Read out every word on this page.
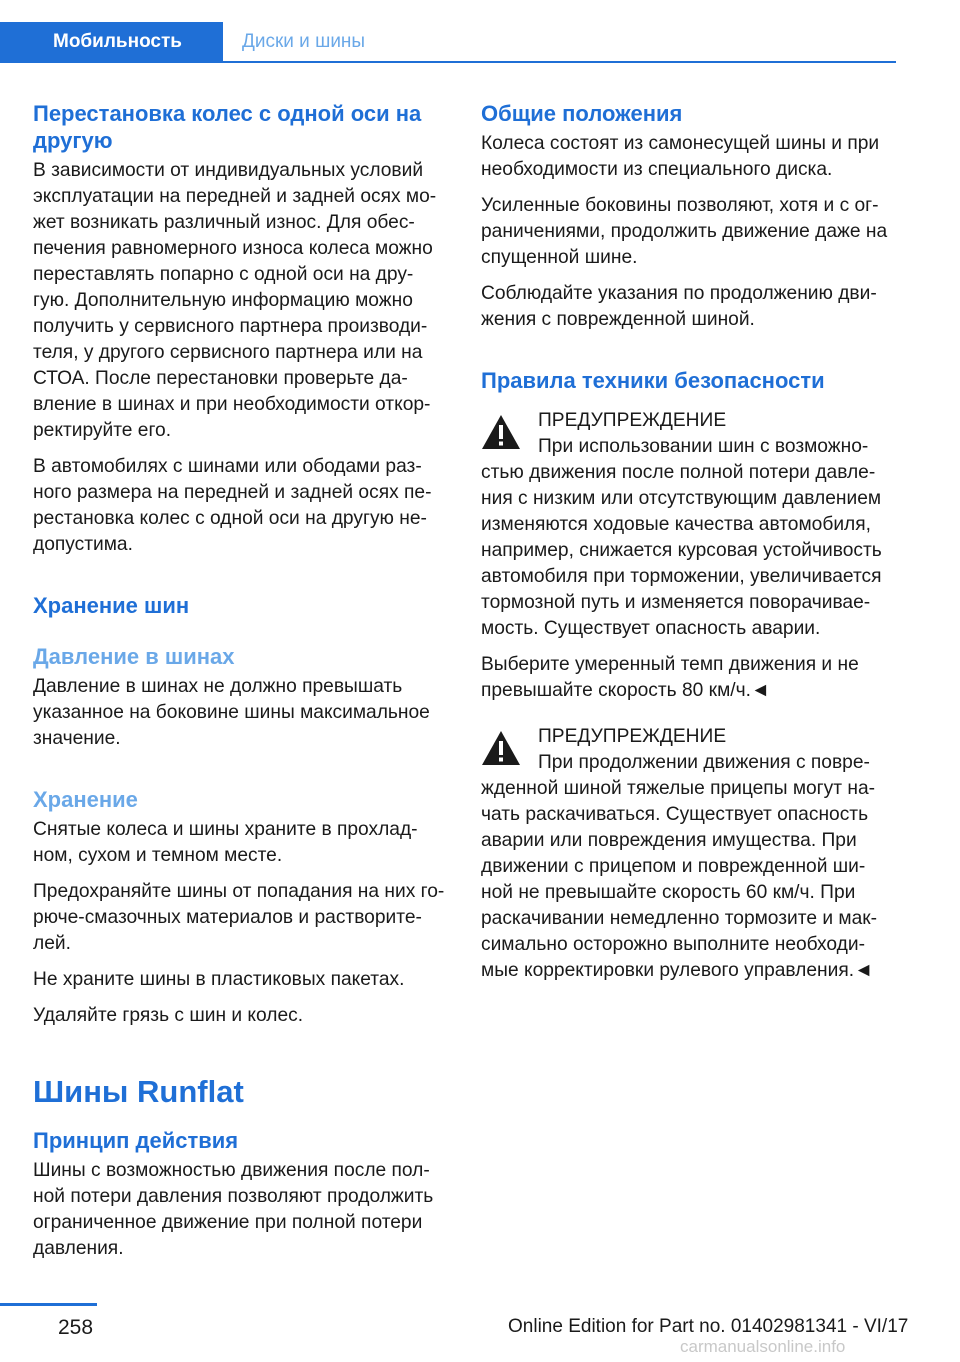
Мобильность	Диски и шины
Перестановка колес с одной оси на
другую

В зависимости от индивидуальных условий
эксплуатации на передней и задней осях мо-
жет возникать различный износ. Для обес-
печения равномерного износа колеса можно
переставлять попарно с одной оси на дру-
гую. Дополнительную информацию можно
получить у сервисного партнера производи-
теля, у другого сервисного партнера или на
СТОА. После перестановки проверьте да-
вление в шинах и при необходимости откор-
ректируйте его.

В автомобилях с шинами или ободами раз-
ного размера на передней и задней осях пе-
рестановка колес с одной оси на другую не-
допустима.

Хранение шин
Давление в шинах

Давление в шинах не должно превышать
указанное на боковине шины максимальное
значение.

Хранение

Снятые колеса и шины храните в прохлад-
ном, сухом и темном месте.

Предохраняйте шины от попадания на них го-
рюче-смазочных материалов и растворите-
лей.

Не храните шины в пластиковых пакетах.

Удаляйте грязь с шин и колес.

Шины Runflat
Принцип действия

Шины с возможностью движения после пол-
ной потери давления позволяют продолжить
ограниченное движение при полной потери
давления.

Общие положения

Колеса состоят из самонесущей шины и при
необходимости из специального диска.

Усиленные боковины позволяют, хотя и с ог-
раничениями, продолжить движение даже на
спущенной шине.

Соблюдайте указания по продолжению дви-
жения с поврежденной шиной.

Правила техники безопасности

ПРЕДУПРЕЖДЕНИЕ

При использовании шин с возможно-

стью движения после полной потери давле-
ния с низким или отсутствующим давлением
изменяются ходовые качества автомобиля,
например, снижается курсовая устойчивость
автомобиля при торможении, увеличивается
тормозной путь и изменяется поворачивае-
мость. Существует опасность аварии.

Выберите умеренный темп движения и не
превышайте скорость 80 км/ч.◄

ПРЕДУПРЕЖДЕНИЕ

При продолжении движения с повре-

жденной шиной тяжелые прицепы могут на-
чать раскачиваться. Существует опасность
аварии или повреждения имущества. При
движении с прицепом и поврежденной ши-
ной не превышайте скорость 60 км/ч. При
раскачивании немедленно тормозите и мак-
симально осторожно выполните необходи-
мые корректировки рулевого управления.◄

258	Online Edition for Part no. 01402981341 - VI/17
carmanualsonline.info
